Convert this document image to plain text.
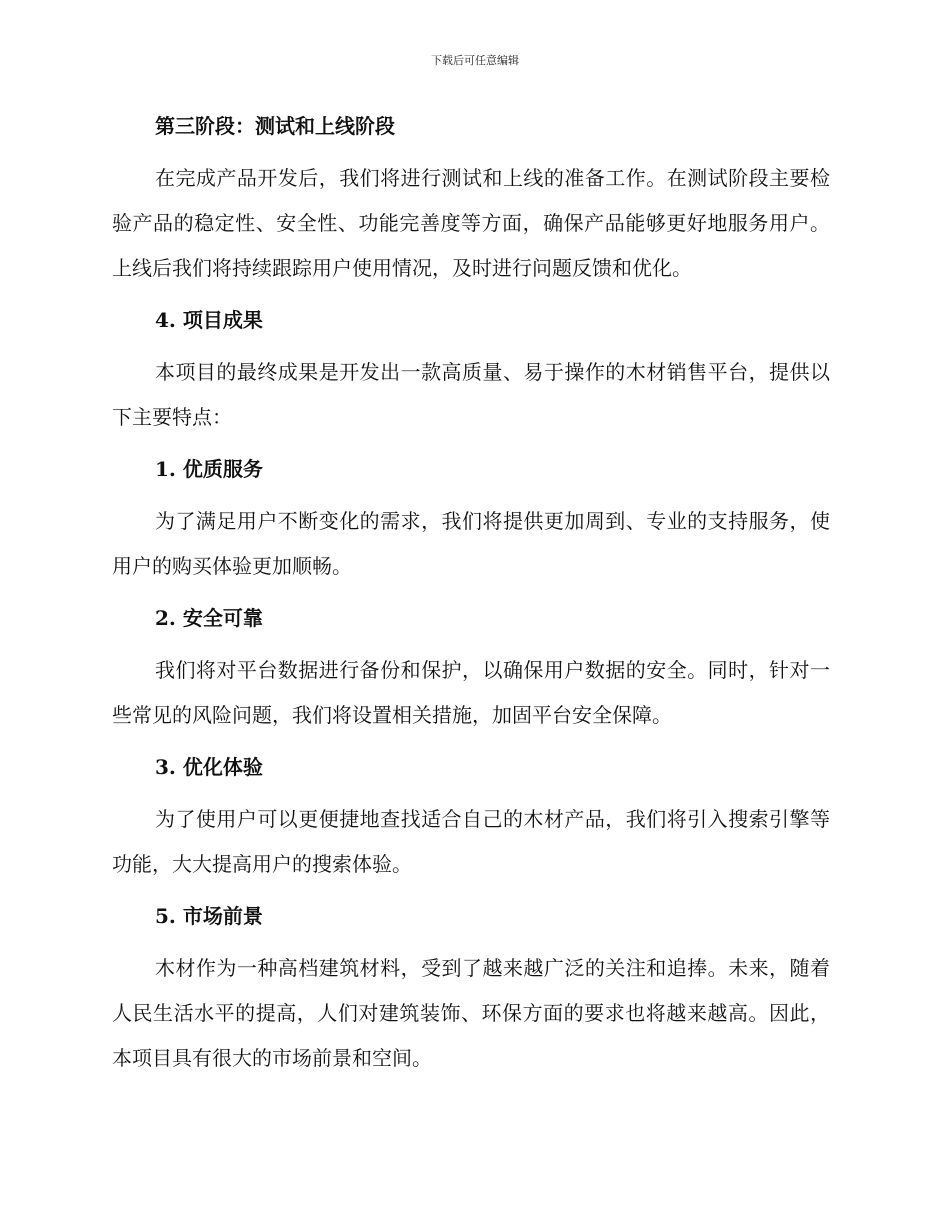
下载后可任意编辑
第三阶段：测试和上线阶段

在完成产品开发后，我们将进行测试和上线的准备工作。在测试阶段主要检验产品的稳定性、安全性、功能完善度等方面，确保产品能够更好地服务用户。上线后我们将持续跟踪用户使用情况，及时进行问题反馈和优化。

4. 项目成果

本项目的最终成果是开发出一款高质量、易于操作的木材销售平台，提供以下主要特点：

1. 优质服务

为了满足用户不断变化的需求，我们将提供更加周到、专业的支持服务，使用户的购买体验更加顺畅。

2. 安全可靠

我们将对平台数据进行备份和保护，以确保用户数据的安全。同时，针对一些常见的风险问题，我们将设置相关措施，加固平台安全保障。

3. 优化体验

为了使用户可以更便捷地查找适合自己的木材产品，我们将引入搜索引擎等功能，大大提高用户的搜索体验。

5. 市场前景

木材作为一种高档建筑材料，受到了越来越广泛的关注和追捧。未来，随着人民生活水平的提高，人们对建筑装饰、环保方面的要求也将越来越高。因此，本项目具有很大的市场前景和空间。
